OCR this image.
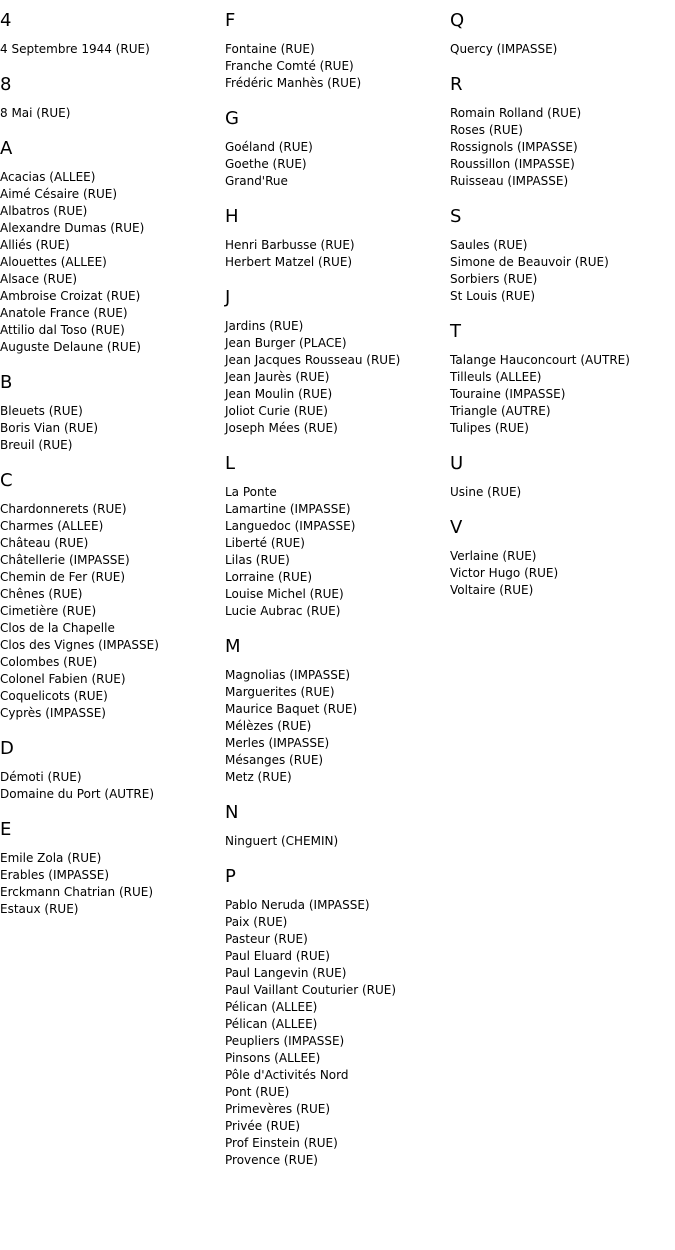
4
4 Septembre 1944 (RUE)
8
8 Mai (RUE)
A
Acacias (ALLEE)
Aimé Césaire (RUE)
Albatros (RUE)
Alexandre Dumas (RUE)
Alliés (RUE)
Alouettes (ALLEE)
Alsace (RUE)
Ambroise Croizat (RUE)
Anatole France (RUE)
Attilio dal Toso (RUE)
Auguste Delaune (RUE)
B
Bleuets (RUE)
Boris Vian (RUE)
Breuil (RUE)
C
Chardonnerets (RUE)
Charmes (ALLEE)
Château (RUE)
Châtellerie (IMPASSE)
Chemin de Fer (RUE)
Chênes (RUE)
Cimetière (RUE)
Clos de la Chapelle
Clos des Vignes (IMPASSE)
Colombes (RUE)
Colonel Fabien (RUE)
Coquelicots (RUE)
Cyprès (IMPASSE)
D
Démoti (RUE)
Domaine du Port (AUTRE)
E
Emile Zola (RUE)
Erables (IMPASSE)
Erckmann Chatrian (RUE)
Estaux (RUE)
F
Fontaine (RUE)
Franche Comté (RUE)
Frédéric Manhès (RUE)
G
Goéland (RUE)
Goethe (RUE)
Grand'Rue
H
Henri Barbusse (RUE)
Herbert Matzel (RUE)
J
Jardins (RUE)
Jean Burger (PLACE)
Jean Jacques Rousseau (RUE)
Jean Jaurès (RUE)
Jean Moulin (RUE)
Joliot Curie (RUE)
Joseph Mées (RUE)
L
La Ponte
Lamartine (IMPASSE)
Languedoc (IMPASSE)
Liberté (RUE)
Lilas (RUE)
Lorraine (RUE)
Louise Michel (RUE)
Lucie Aubrac (RUE)
M
Magnolias (IMPASSE)
Marguerites (RUE)
Maurice Baquet (RUE)
Mélèzes (RUE)
Merles (IMPASSE)
Mésanges (RUE)
Metz (RUE)
N
Ninguert (CHEMIN)
P
Pablo Neruda (IMPASSE)
Paix (RUE)
Pasteur (RUE)
Paul Eluard (RUE)
Paul Langevin (RUE)
Paul Vaillant Couturier (RUE)
Pélican (ALLEE)
Pélican (ALLEE)
Peupliers (IMPASSE)
Pinsons (ALLEE)
Pôle d'Activités Nord
Pont (RUE)
Primevères (RUE)
Privée (RUE)
Prof Einstein (RUE)
Provence (RUE)
Q
Quercy (IMPASSE)
R
Romain Rolland (RUE)
Roses (RUE)
Rossignols (IMPASSE)
Roussillon (IMPASSE)
Ruisseau (IMPASSE)
S
Saules (RUE)
Simone de Beauvoir (RUE)
Sorbiers (RUE)
St Louis (RUE)
T
Talange Hauconcourt (AUTRE)
Tilleuls (ALLEE)
Touraine (IMPASSE)
Triangle (AUTRE)
Tulipes (RUE)
U
Usine (RUE)
V
Verlaine (RUE)
Victor Hugo (RUE)
Voltaire (RUE)
